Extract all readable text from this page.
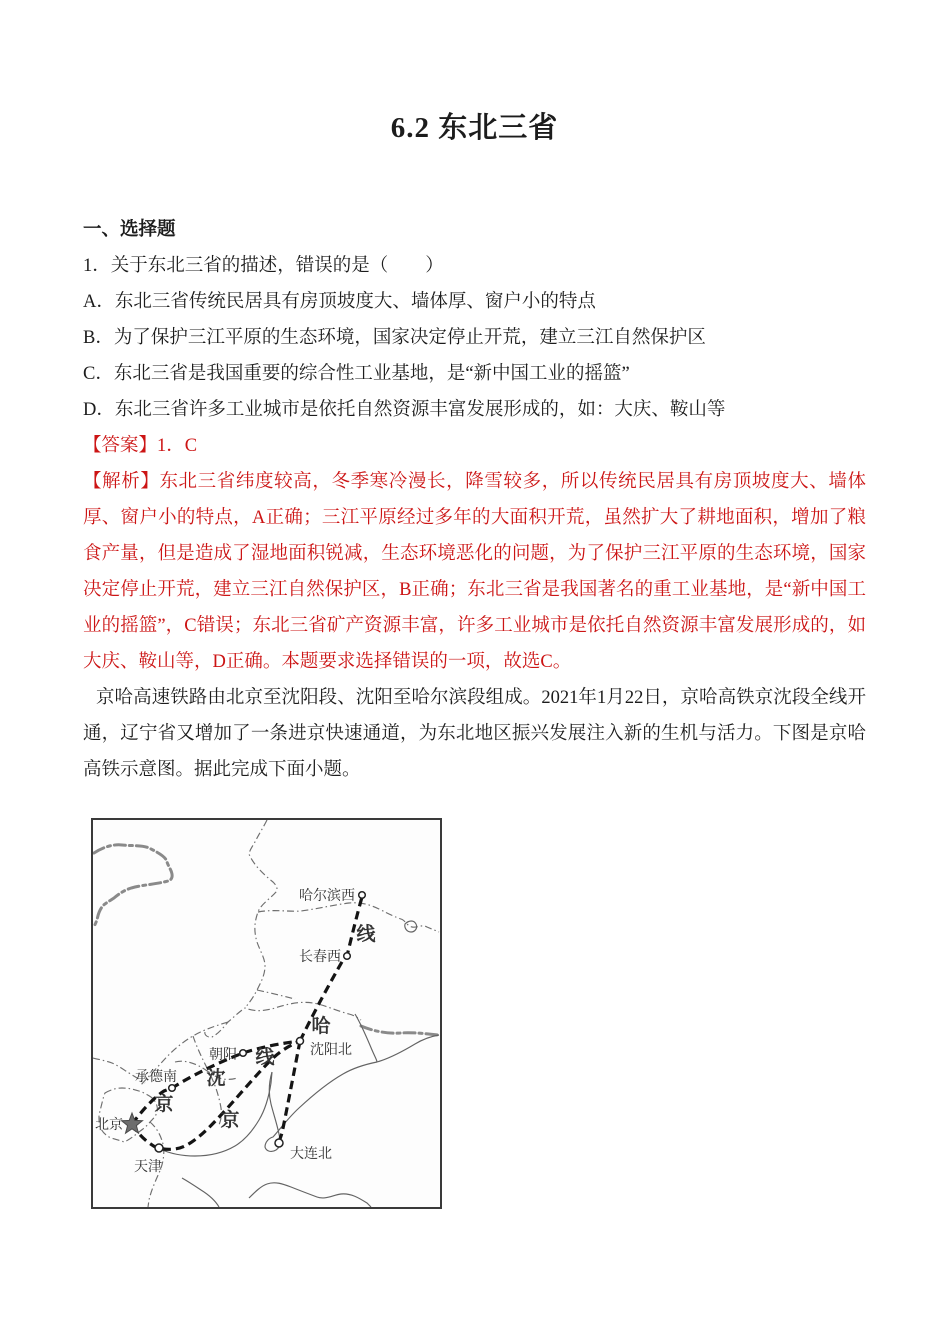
6.2 东北三省

一、选择题

1．关于东北三省的描述，错误的是（　　）

A．东北三省传统民居具有房顶坡度大、墙体厚、窗户小的特点

B．为了保护三江平原的生态环境，国家决定停止开荒，建立三江自然保护区

C．东北三省是我国重要的综合性工业基地，是“新中国工业的摇篮”

D．东北三省许多工业城市是依托自然资源丰富发展形成的，如：大庆、鞍山等

【答案】1．C

【解析】东北三省纬度较高，冬季寒冷漫长，降雪较多，所以传统民居具有房顶坡度大、墙体厚、窗户小的特点，A正确；三江平原经过多年的大面积开荒，虽然扩大了耕地面积，增加了粮食产量，但是造成了湿地面积锐减，生态环境恶化的问题，为了保护三江平原的生态环境，国家决定停止开荒，建立三江自然保护区，B正确；东北三省是我国著名的重工业基地，是“新中国工业的摇篮”，C错误；东北三省矿产资源丰富，许多工业城市是依托自然资源丰富发展形成的，如大庆、鞍山等，D正确。本题要求选择错误的一项，故选C。

京哈高速铁路由北京至沈阳段、沈阳至哈尔滨段组成。2021年1月22日，京哈高铁京沈段全线开通，辽宁省又增加了一条进京快速通道，为东北地区振兴发展注入新的生机与活力。下图是京哈高铁示意图。据此完成下面小题。

哈尔滨西
长春西
沈阳北
朝阳
承德南
北京
天津
大连北
京
哈
线
京
沈
线
